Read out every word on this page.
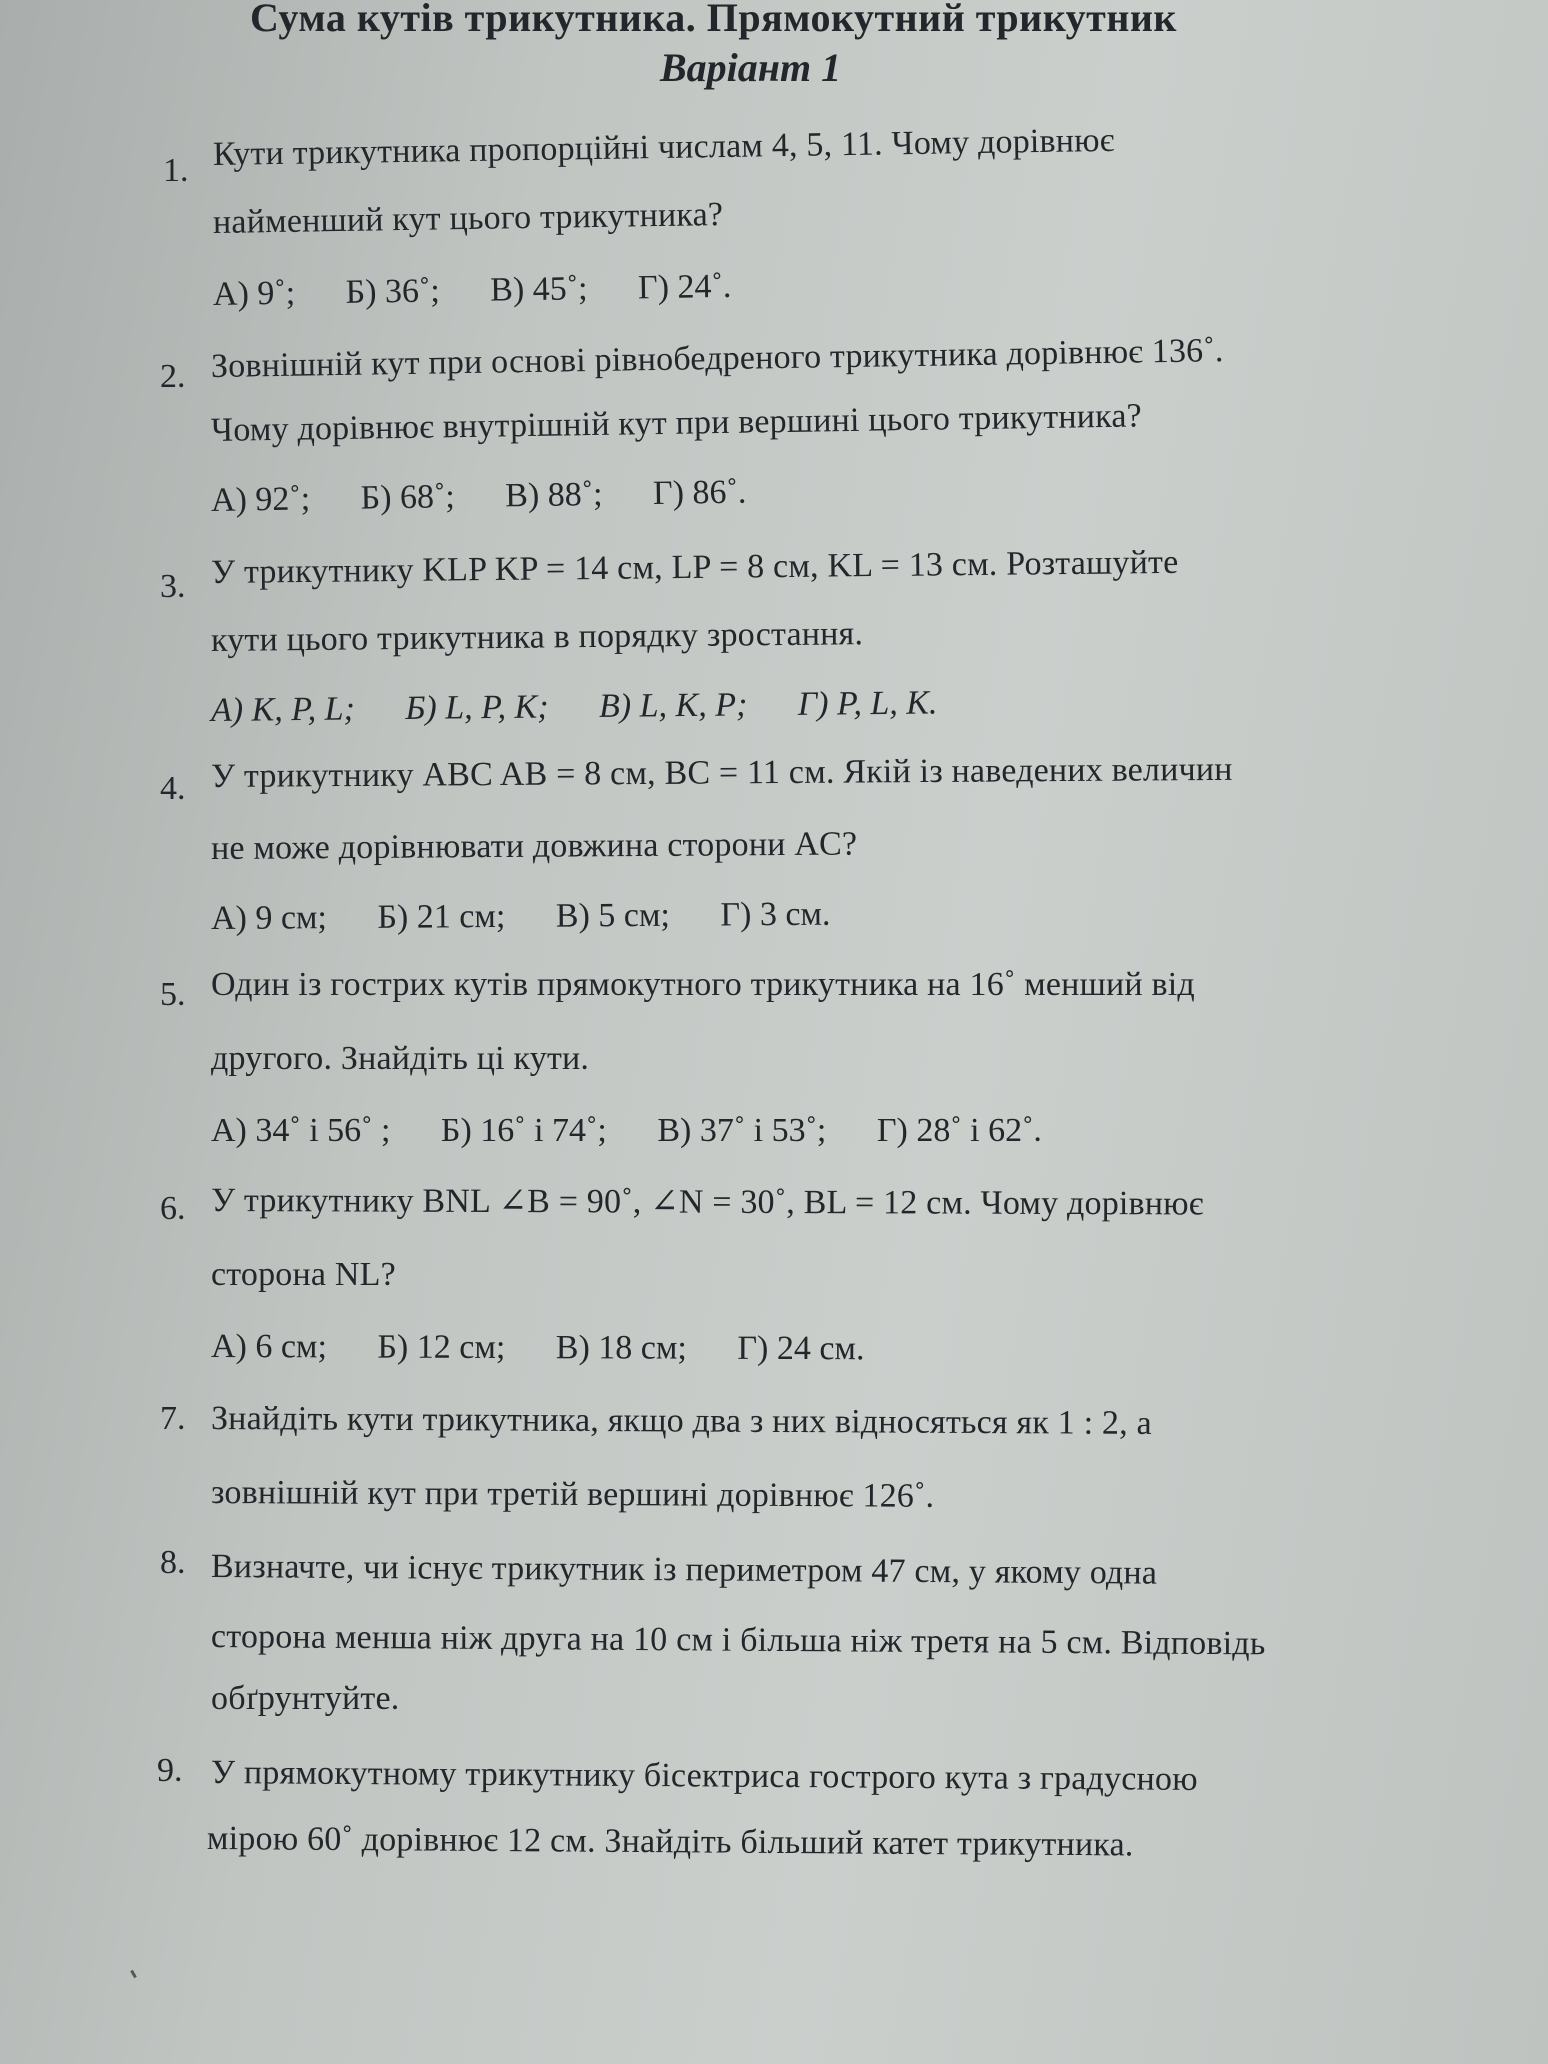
Сума кутів трикутника. Прямокутний трикутник
Варіант 1
1. Кути трикутника пропорційні числам 4, 5, 11. Чому дорівнює
найменший кут цього трикутника?
А) 9˚; Б) 36˚; В) 45˚; Г) 24˚.
2. Зовнішній кут при основі рівнобедреного трикутника дорівнює 136˚.
Чому дорівнює внутрішній кут при вершині цього трикутника?
А) 92˚; Б) 68˚; В) 88˚; Г) 86˚.
3. У трикутнику KLP KP = 14 см, LP = 8 см, KL = 13 см. Розташуйте
кути цього трикутника в порядку зростання.
А) K, P, L; Б) L, P, K; В) L, K, P; Г) P, L, K.
4. У трикутнику ABC AB = 8 см, BC = 11 см. Якій із наведених величин
не може дорівнювати довжина сторони AC?
А) 9 см; Б) 21 см; В) 5 см; Г) 3 см.
5. Один із гострих кутів прямокутного трикутника на 16˚ менший від
другого. Знайдіть ці кути.
А) 34˚ і 56˚ ; Б) 16˚ і 74˚; В) 37˚ і 53˚; Г) 28˚ і 62˚.
6. У трикутнику BNL ∠B = 90˚, ∠N = 30˚, BL = 12 см. Чому дорівнює
сторона NL?
А) 6 см; Б) 12 см; В) 18 см; Г) 24 см.
7. Знайдіть кути трикутника, якщо два з них відносяться як 1 : 2, а
зовнішній кут при третій вершині дорівнює 126˚.
8. Визначте, чи існує трикутник із периметром 47 см, у якому одна
сторона менша ніж друга на 10 см і більша ніж третя на 5 см. Відповідь
обґрунтуйте.
9. У прямокутному трикутнику бісектриса гострого кута з градусною
мірою 60˚ дорівнює 12 см. Знайдіть більший катет трикутника.
